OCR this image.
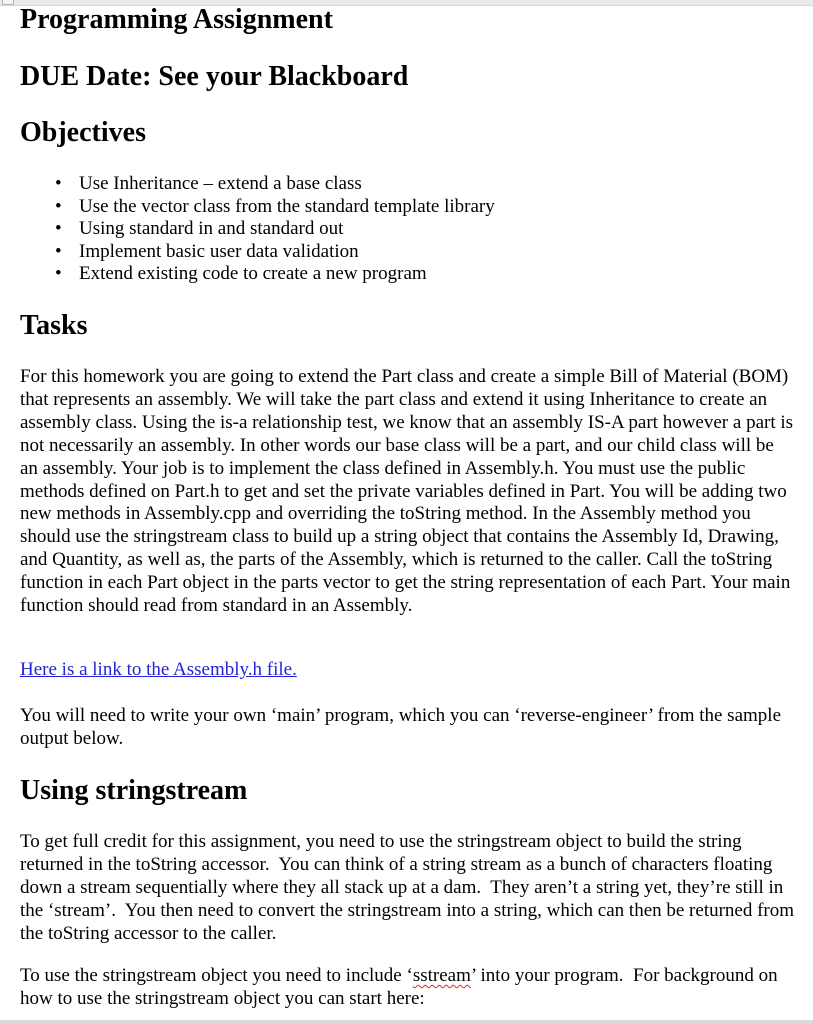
Programming Assignment
DUE Date: See your Blackboard
Objectives
• Use Inheritance – extend a base class
• Use the vector class from the standard template library
• Using standard in and standard out
• Implement basic user data validation
• Extend existing code to create a new program
Tasks

For this homework you are going to extend the Part class and create a simple Bill of Material (BOM) that represents an assembly. We will take the part class and extend it using Inheritance to create an assembly class. Using the is-a relationship test, we know that an assembly IS-A part however a part is not necessarily an assembly. In other words our base class will be a part, and our child class will be an assembly. Your job is to implement the class defined in Assembly.h. You must use the public methods defined on Part.h to get and set the private variables defined in Part. You will be adding two new methods in Assembly.cpp and overriding the toString method. In the Assembly method you should use the stringstream class to build up a string object that contains the Assembly Id, Drawing, and Quantity, as well as, the parts of the Assembly, which is returned to the caller. Call the toString function in each Part object in the parts vector to get the string representation of each Part. Your main function should read from standard in an Assembly.

Here is a link to the Assembly.h file.

You will need to write your own ‘main’ program, which you can ‘reverse-engineer’ from the sample output below.

Using stringstream

To get full credit for this assignment, you need to use the stringstream object to build the string returned in the toString accessor.  You can think of a string stream as a bunch of characters floating down a stream sequentially where they all stack up at a dam.  They aren’t a string yet, they’re still in the ‘stream’.  You then need to convert the stringstream into a string, which can then be returned from the toString accessor to the caller.

To use the stringstream object you need to include ‘sstream’ into your program.  For background on how to use the stringstream object you can start here:
